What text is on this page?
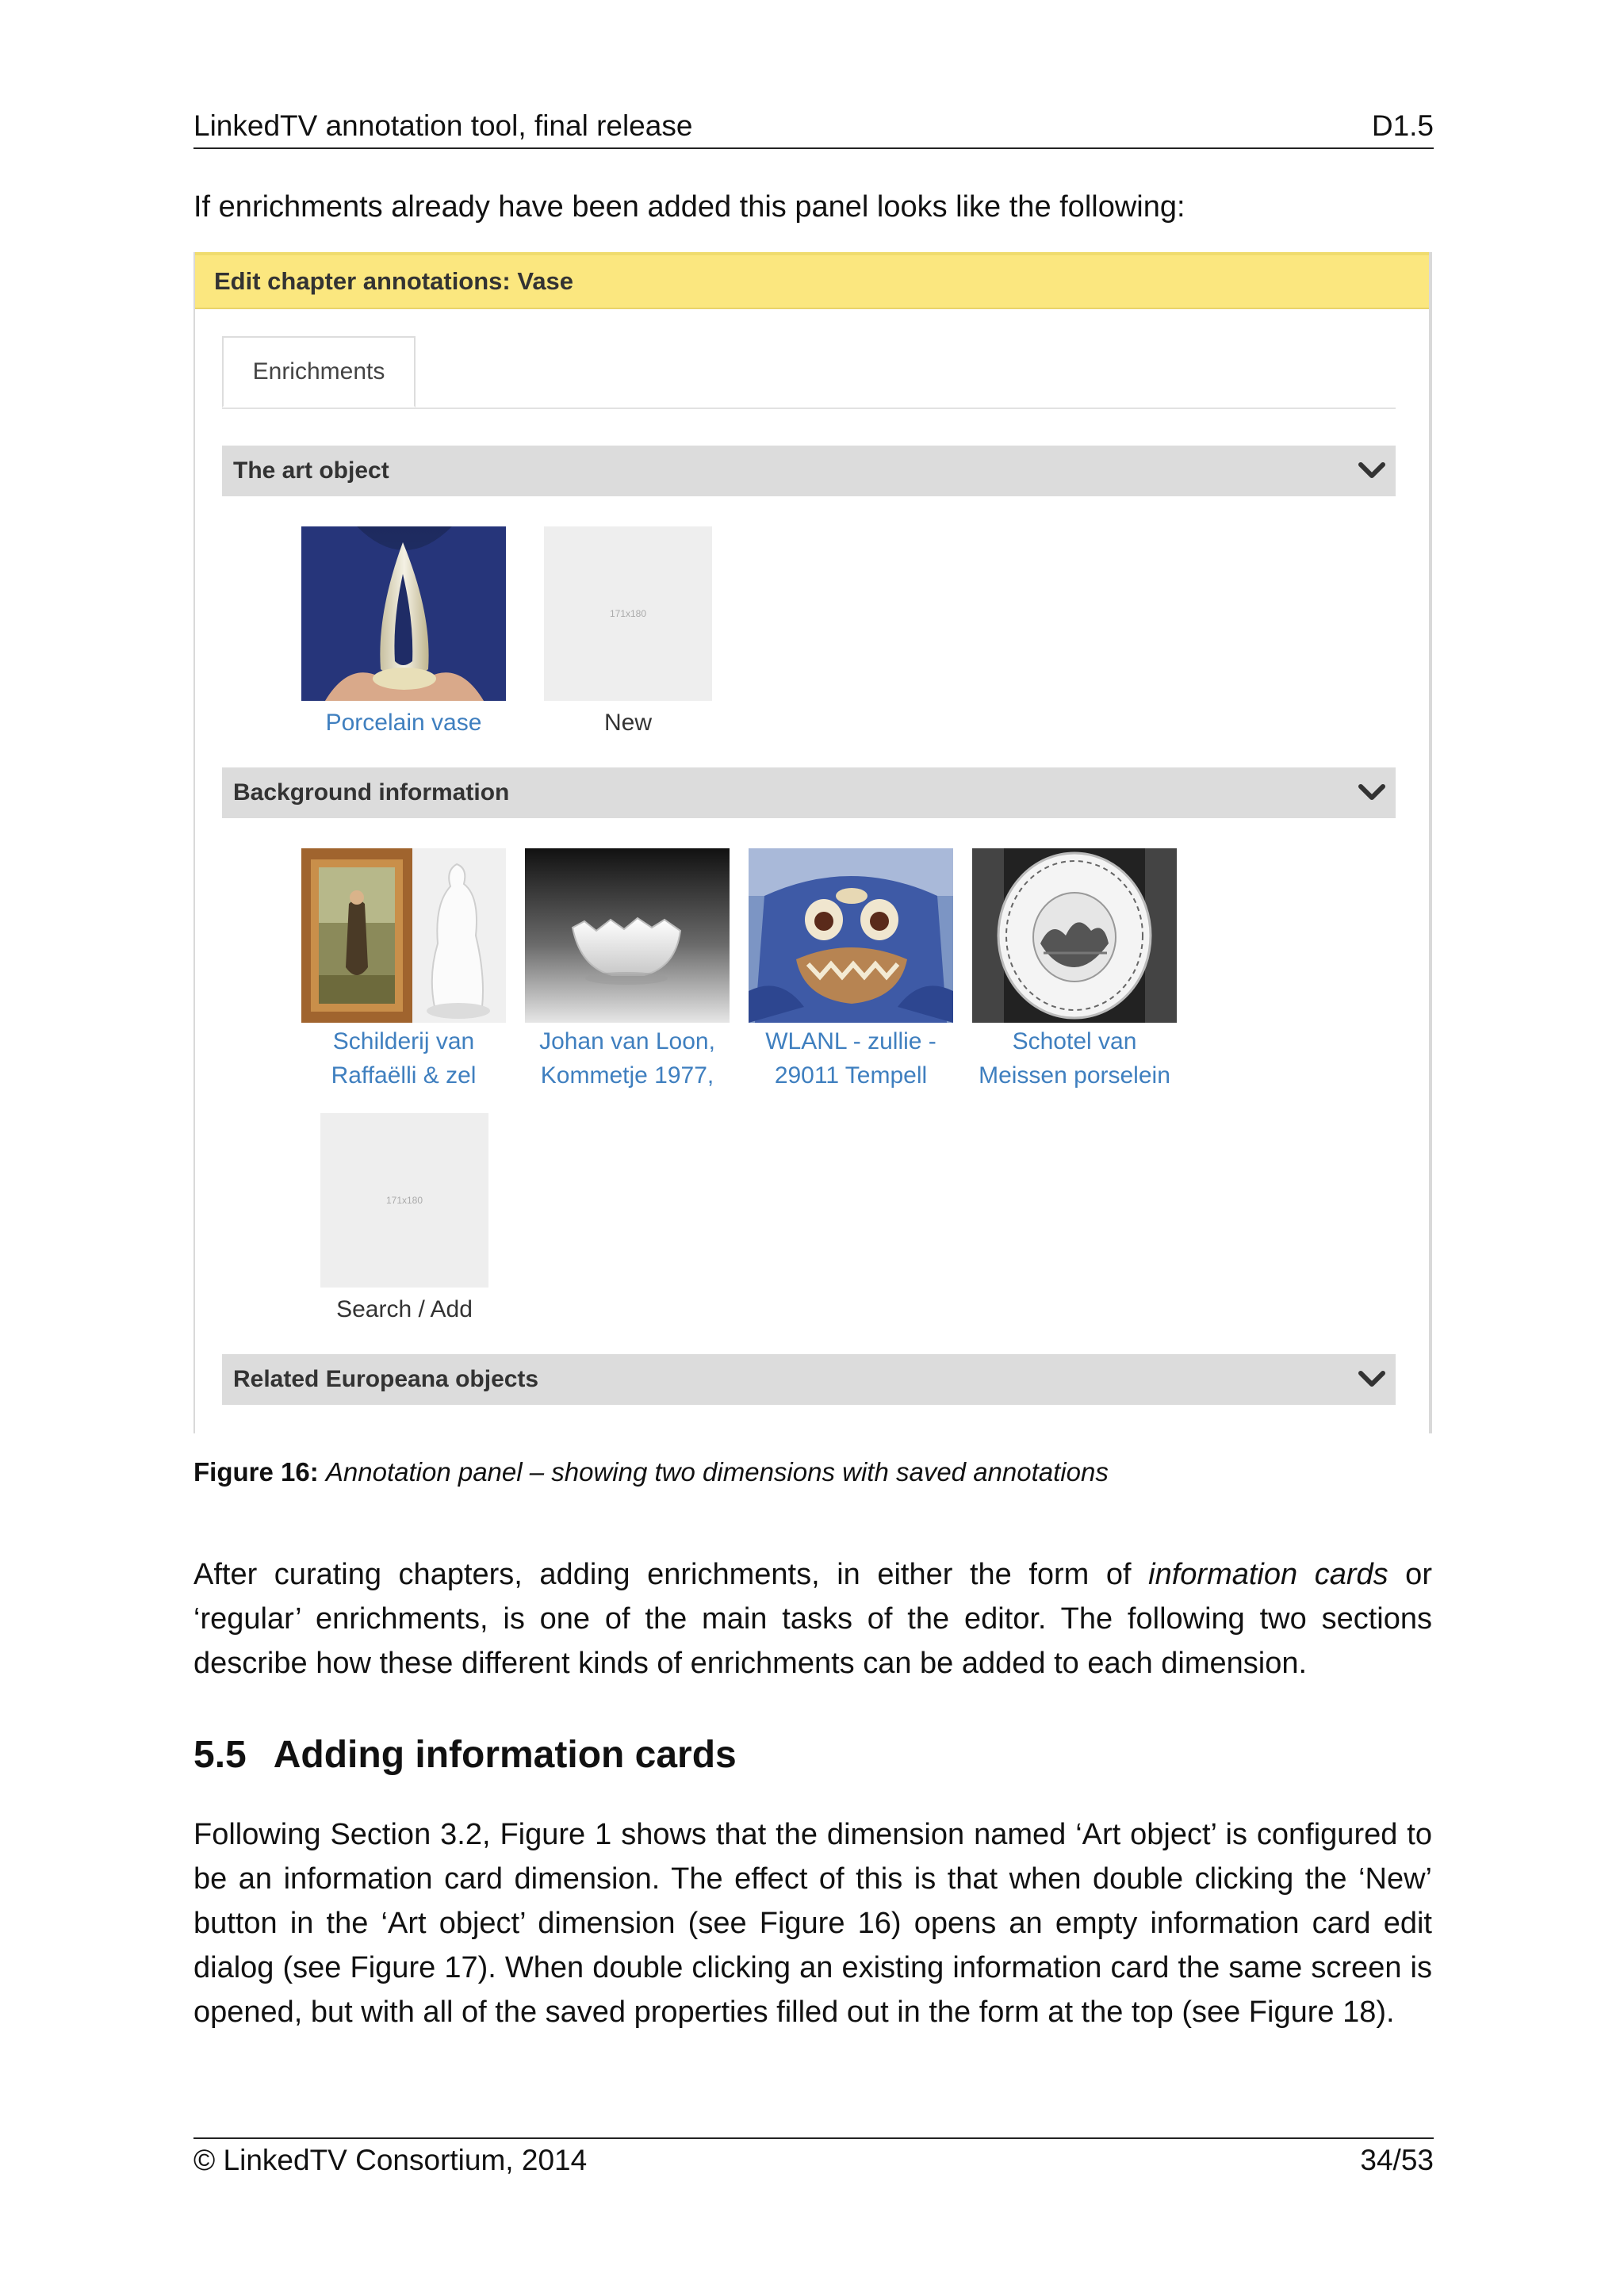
LinkedTV annotation tool, final release	D1.5
If enrichments already have been added this panel looks like the following:
Edit chapter annotations: Vase
Enrichments
The art object
Porcelain vase
171x180
New
Background information
Schilderij van
Raffaëlli & zel
Johan van Loon,
Kommetje 1977,
WLANL - zullie -
29011 Tempell
Schotel van
Meissen porselein
171x180
Search / Add
Related Europeana objects
Figure 16: Annotation panel – showing two dimensions with saved annotations

After curating chapters, adding enrichments, in either the form of information cards or ‘regular’ enrichments, is one of the main tasks of the editor. The following two sections describe how these different kinds of enrichments can be added to each dimension.

5.5 Adding information cards

Following Section 3.2, Figure 1 shows that the dimension named ‘Art object’ is configured to be an information card dimension. The effect of this is that when double clicking the ‘New’ button in the ‘Art object’ dimension (see Figure 16) opens an empty information card edit dialog (see Figure 17). When double clicking an existing information card the same screen is opened, but with all of the saved properties filled out in the form at the top (see Figure 18).

© LinkedTV Consortium, 2014	34/53
